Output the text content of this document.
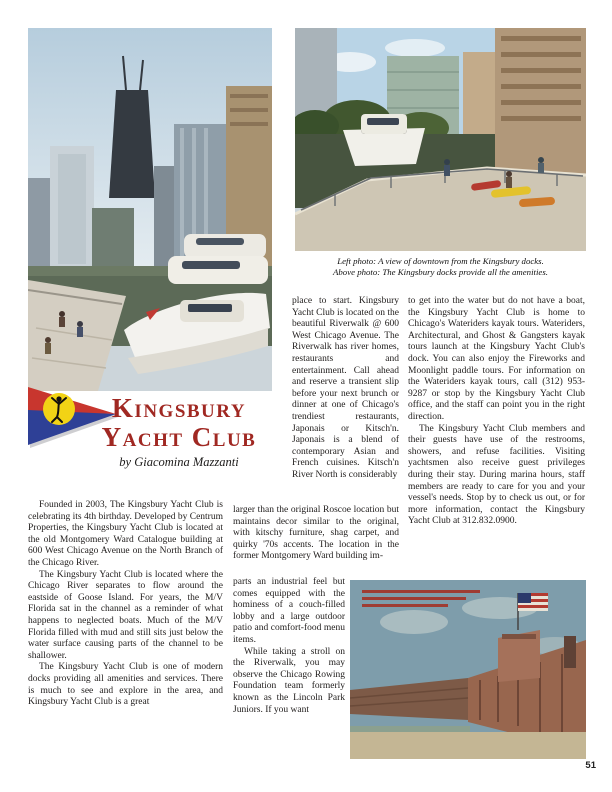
Left photo: A view of downtown from the Kingsbury docks.
Above photo: The Kingsbury docks provide all the amenities.
Kingsbury
Yacht Club
by Giacomina Mazzanti

Founded in 2003, The Kingsbury Yacht Club is celebrating its 4th birthday. Developed by Centrum Properties, the Kingsbury Yacht Club is located at the old Montgomery Ward Catalogue building at 600 West Chicago Avenue on the North Branch of the Chicago River.

The Kingsbury Yacht Club is located where the Chicago River separates to flow around the eastside of Goose Island. For years, the M/V Florida sat in the channel as a reminder of what happens to neglected boats. Much of the M/V Florida filled with mud and still sits just below the water surface causing parts of the channel to be shallower.

The Kingsbury Yacht Club is one of modern docks providing all amenities and services. There is much to see and explore in the area, and Kingsbury Yacht Club is a great

place to start. Kingsbury Yacht Club is located on the beautiful Riverwalk @ 600 West Chicago Avenue. The Riverwalk has river homes, restaurants and entertainment. Call ahead and reserve a transient slip before your next brunch or dinner at one of Chicago's trendiest restaurants, Japonais or Kitsch'n. Japonais is a blend of contemporary Asian and French cuisines. Kitsch'n River North is considerably

larger than the original Roscoe location but maintains decor similar to the original, with kitschy furniture, shag carpet, and quirky '70s accents. The location in the former Montgomery Ward building im-

parts an industrial feel but comes equipped with the hominess of a couch-filled lobby and a large outdoor patio and comfort-food menu items.

While taking a stroll on the Riverwalk, you may observe the Chicago Rowing Foundation team formerly known as the Lincoln Park Juniors. If you want

to get into the water but do not have a boat, the Kingsbury Yacht Club is home to Chicago's Wateriders kayak tours. Wateriders, Architectural, and Ghost & Gangsters kayak tours launch at the Kingsbury Yacht Club's dock. You can also enjoy the Fireworks and Moonlight paddle tours. For information on the Wateriders kayak tours, call (312) 953-9287 or stop by the Kingsbury Yacht Club office, and the staff can point you in the right direction.

The Kingsbury Yacht Club members and their guests have use of the restrooms, showers, and refuse facilities. Visiting yachtsmen also receive guest privileges during their stay. During marina hours, staff members are ready to care for you and your vessel's needs. Stop by to check us out, or for more information, contact the Kingsbury Yacht Club at 312.832.0900.

51
